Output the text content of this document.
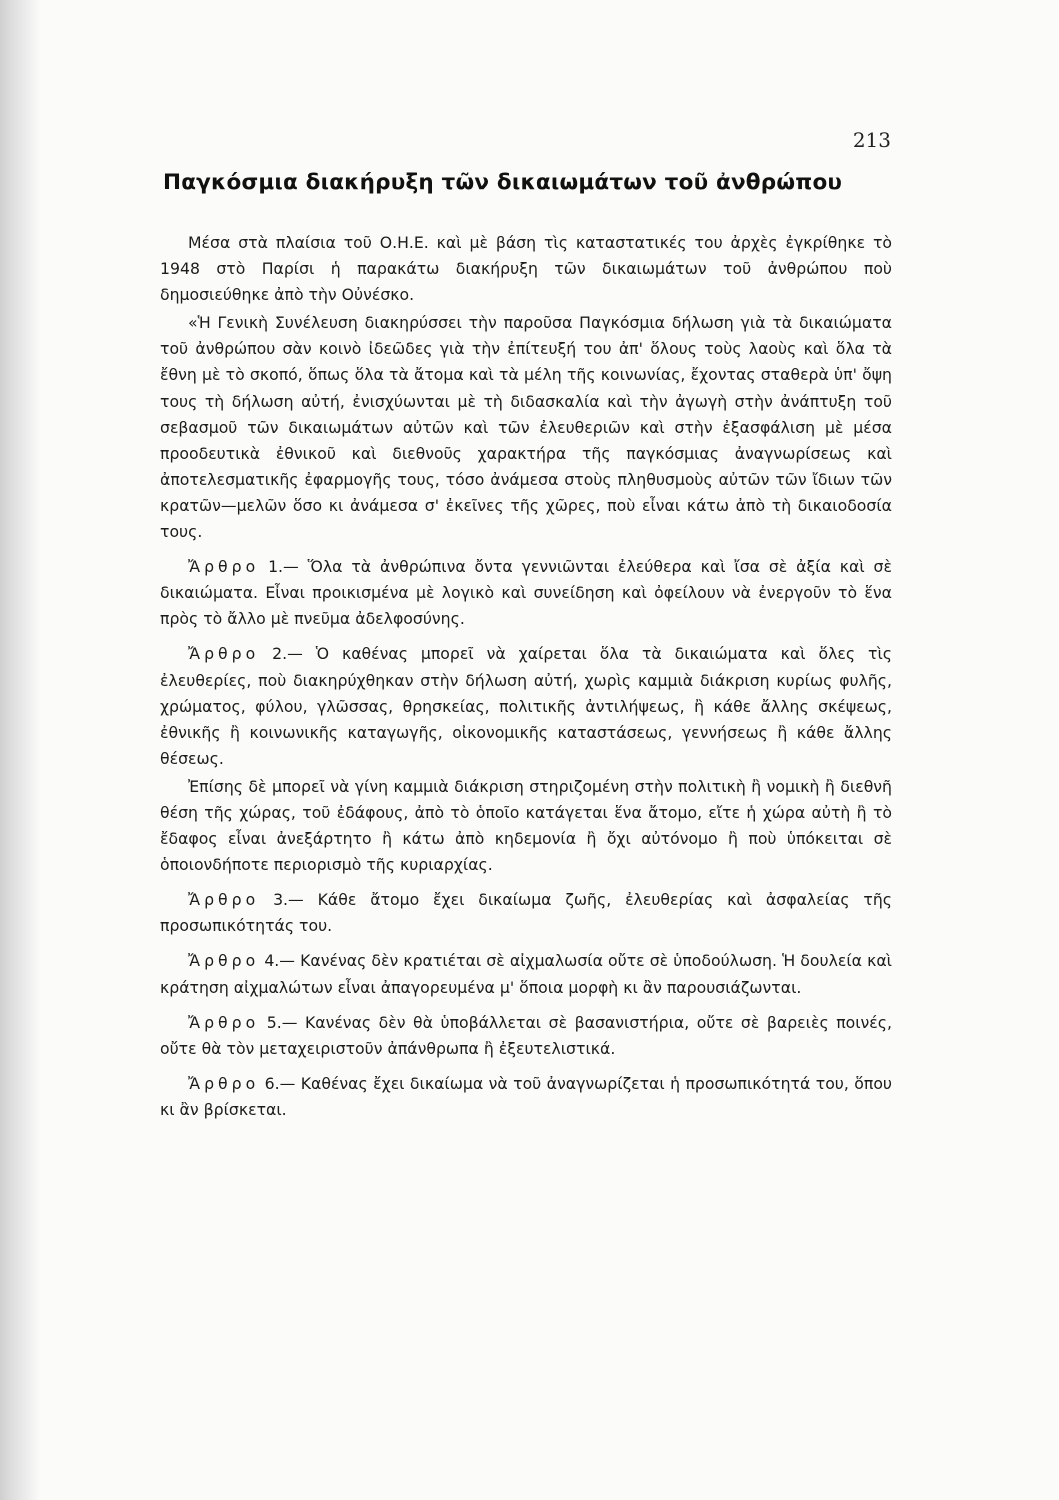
213
Παγκόσμια διακήρυξη τῶν δικαιωμάτων τοῦ ἀνθρώπου

Μέσα στὰ πλαίσια τοῦ Ο.Η.Ε. καὶ μὲ βάση τὶς καταστατικές του ἀρχὲς ἐγκρίθηκε τὸ 1948 στὸ Παρίσι ἡ παρακάτω διακήρυξη τῶν δικαιωμάτων τοῦ ἀνθρώπου ποὺ δημοσιεύθηκε ἀπὸ τὴν Οὐνέσκο.

«Ἡ Γενικὴ Συνέλευση διακηρύσσει τὴν παροῦσα Παγκόσμια δήλωση γιὰ τὰ δικαιώματα τοῦ ἀνθρώπου σὰν κοινὸ ἰδεῶδες γιὰ τὴν ἐπίτευξή του ἀπ' ὅλους τοὺς λαοὺς καὶ ὅλα τὰ ἔθνη μὲ τὸ σκοπό, ὅπως ὅλα τὰ ἄτομα καὶ τὰ μέλη τῆς κοινωνίας, ἔχοντας σταθερὰ ὑπ' ὄψη τους τὴ δήλωση αὐτή, ἐνισχύωνται μὲ τὴ διδασκαλία καὶ τὴν ἀγωγὴ στὴν ἀνάπτυξη τοῦ σεβασμοῦ τῶν δικαιωμάτων αὐτῶν καὶ τῶν ἐλευθεριῶν καὶ στὴν ἐξασφάλιση μὲ μέσα προοδευτικὰ ἐθνικοῦ καὶ διεθνοῦς χαρακτήρα τῆς παγκόσμιας ἀναγνωρίσεως καὶ ἀποτελεσματικῆς ἐφαρμογῆς τους, τόσο ἀνάμεσα στοὺς πληθυσμοὺς αὐτῶν τῶν ἴδιων τῶν κρατῶν—μελῶν ὅσο κι ἀνάμεσα σ' ἐκεῖνες τῆς χῶρες, ποὺ εἶναι κάτω ἀπὸ τὴ δικαιοδοσία τους.

Ἄρθρο 1.— Ὅλα τὰ ἀνθρώπινα ὄντα γεννιῶνται ἐλεύθερα καὶ ἴσα σὲ ἀξία καὶ σὲ δικαιώματα. Εἶναι προικισμένα μὲ λογικὸ καὶ συνείδηση καὶ ὀφείλουν νὰ ἐνεργοῦν τὸ ἕνα πρὸς τὸ ἄλλο μὲ πνεῦμα ἀδελφοσύνης.

Ἄρθρο 2.— Ὁ καθένας μπορεῖ νὰ χαίρεται ὅλα τὰ δικαιώματα καὶ ὅλες τὶς ἐλευθερίες, ποὺ διακηρύχθηκαν στὴν δήλωση αὐτή, χωρὶς καμμιὰ διάκριση κυρίως φυλῆς, χρώματος, φύλου, γλῶσσας, θρησκείας, πολιτικῆς ἀντιλήψεως, ἢ κάθε ἄλλης σκέψεως, ἐθνικῆς ἢ κοινωνικῆς καταγωγῆς, οἰκονομικῆς καταστάσεως, γεννήσεως ἢ κάθε ἄλλης θέσεως.

Ἐπίσης δὲ μπορεῖ νὰ γίνη καμμιὰ διάκριση στηριζομένη στὴν πολιτικὴ ἢ νομικὴ ἢ διεθνῆ θέση τῆς χώρας, τοῦ ἐδάφους, ἀπὸ τὸ ὁποῖο κατάγεται ἕνα ἄτομο, εἴτε ἡ χώρα αὐτὴ ἢ τὸ ἔδαφος εἶναι ἀνεξάρτητο ἢ κάτω ἀπὸ κηδεμονία ἢ ὄχι αὐτόνομο ἢ ποὺ ὑπόκειται σὲ ὁποιονδήποτε περιορισμὸ τῆς κυριαρχίας.

Ἄρθρο 3.— Κάθε ἄτομο ἔχει δικαίωμα ζωῆς, ἐλευθερίας καὶ ἀσφαλείας τῆς προσωπικότητάς του.

Ἄρθρο 4.— Κανένας δὲν κρατιέται σὲ αἰχμαλωσία οὔτε σὲ ὑποδούλωση. Ἡ δουλεία καὶ κράτηση αἰχμαλώτων εἶναι ἀπαγορευμένα μ' ὅποια μορφὴ κι ἂν παρουσιάζωνται.

Ἄρθρο 5.— Κανένας δὲν θὰ ὑποβάλλεται σὲ βασανιστήρια, οὔτε σὲ βαρειὲς ποινές, οὔτε θὰ τὸν μεταχειριστοῦν ἀπάνθρωπα ἢ ἐξευτελιστικά.

Ἄρθρο 6.— Καθένας ἔχει δικαίωμα νὰ τοῦ ἀναγνωρίζεται ἡ προσωπικότητά του, ὅπου κι ἂν βρίσκεται.
